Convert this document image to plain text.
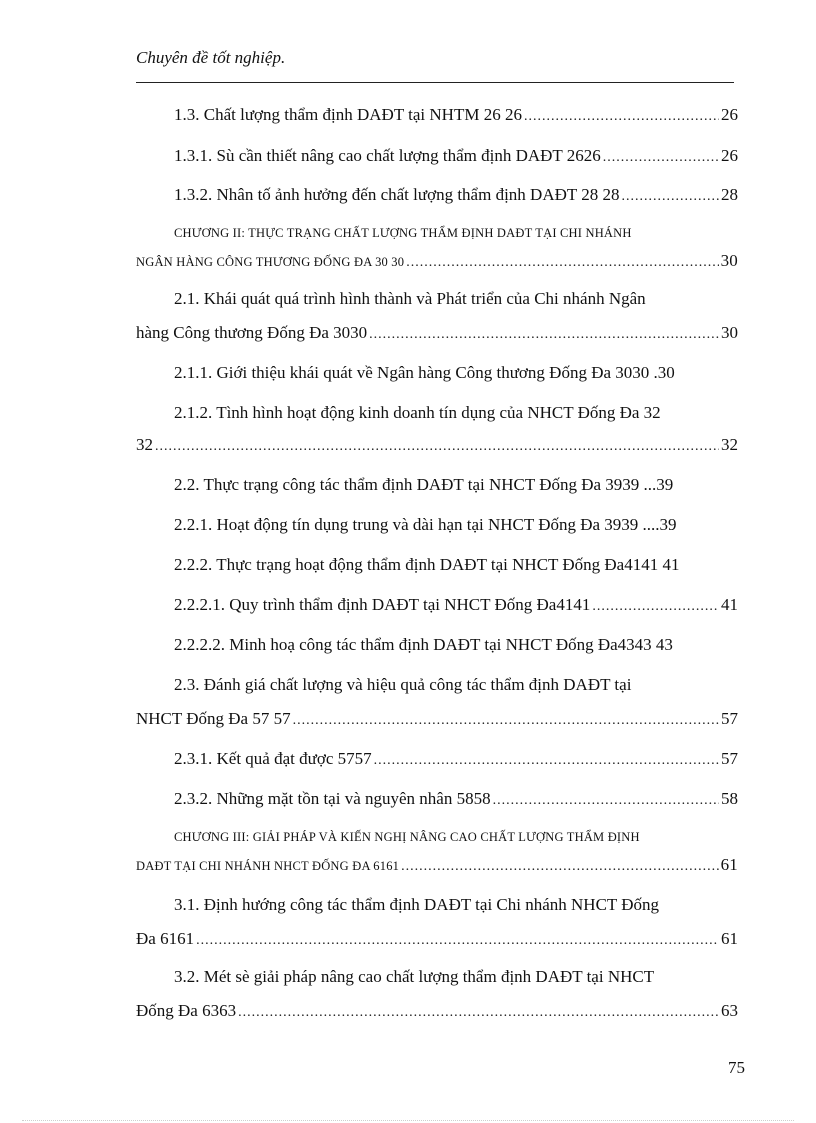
Chuyên đề tốt nghiệp.
1.3. Chất lượng thẩm định DAĐT tại NHTM 26 26 .....	26
1.3.1. Sù cần thiết nâng cao chất lượng thẩm định DAĐT 2626 .....	26
1.3.2. Nhân tố ảnh hưởng đến chất lượng thẩm định DAĐT 28 28 .....	28
CHƯƠNG II: THỰC TRẠNG CHẤT LƯỢNG THẨM ĐỊNH DAĐT TẠI CHI NHÁNH
NGÂN HÀNG CÔNG THƯƠNG ĐỐNG ĐA 30 30 .....	30
2.1. Khái quát quá trình hình thành và Phát triển của Chi nhánh Ngân
hàng Công thương Đống Đa 3030 .....	30
2.1.1. Giới thiệu khái quát về Ngân hàng Công thương Đống Đa 3030 .30
2.1.2. Tình hình hoạt động kinh doanh tín dụng của NHCT Đống Đa 32
32 .....	32
2.2. Thực trạng công tác thẩm định DAĐT tại NHCT Đống Đa 3939 ...39
2.2.1. Hoạt động tín dụng trung và dài hạn tại NHCT Đống Đa 3939 ....39
2.2.2. Thực trạng hoạt động thẩm định DAĐT tại NHCT Đống Đa4141 41
2.2.2.1. Quy trình thẩm định DAĐT tại NHCT Đống Đa4141 .....	41
2.2.2.2. Minh hoạ công tác thẩm định DAĐT tại NHCT Đống Đa4343 43
2.3. Đánh giá chất lượng và hiệu quả công tác thẩm định DAĐT tại
NHCT Đống Đa 57 57 .....	57
2.3.1. Kết quả đạt được 5757 .....	57
2.3.2. Những mặt tồn tại và nguyên nhân 5858 .....	58
CHƯƠNG III: GIẢI PHÁP VÀ KIẾN NGHỊ NÂNG CAO CHẤT LƯỢNG THẨM ĐỊNH
DAĐT TẠI CHI NHÁNH NHCT ĐỐNG ĐA 6161 .....	61
3.1. Định hướng công tác thẩm định DAĐT tại Chi nhánh NHCT Đống
Đa 6161 .....	61
3.2. Mét sè giải pháp nâng cao chất lượng thẩm định DAĐT tại NHCT
Đống Đa 6363 .....	63
75
